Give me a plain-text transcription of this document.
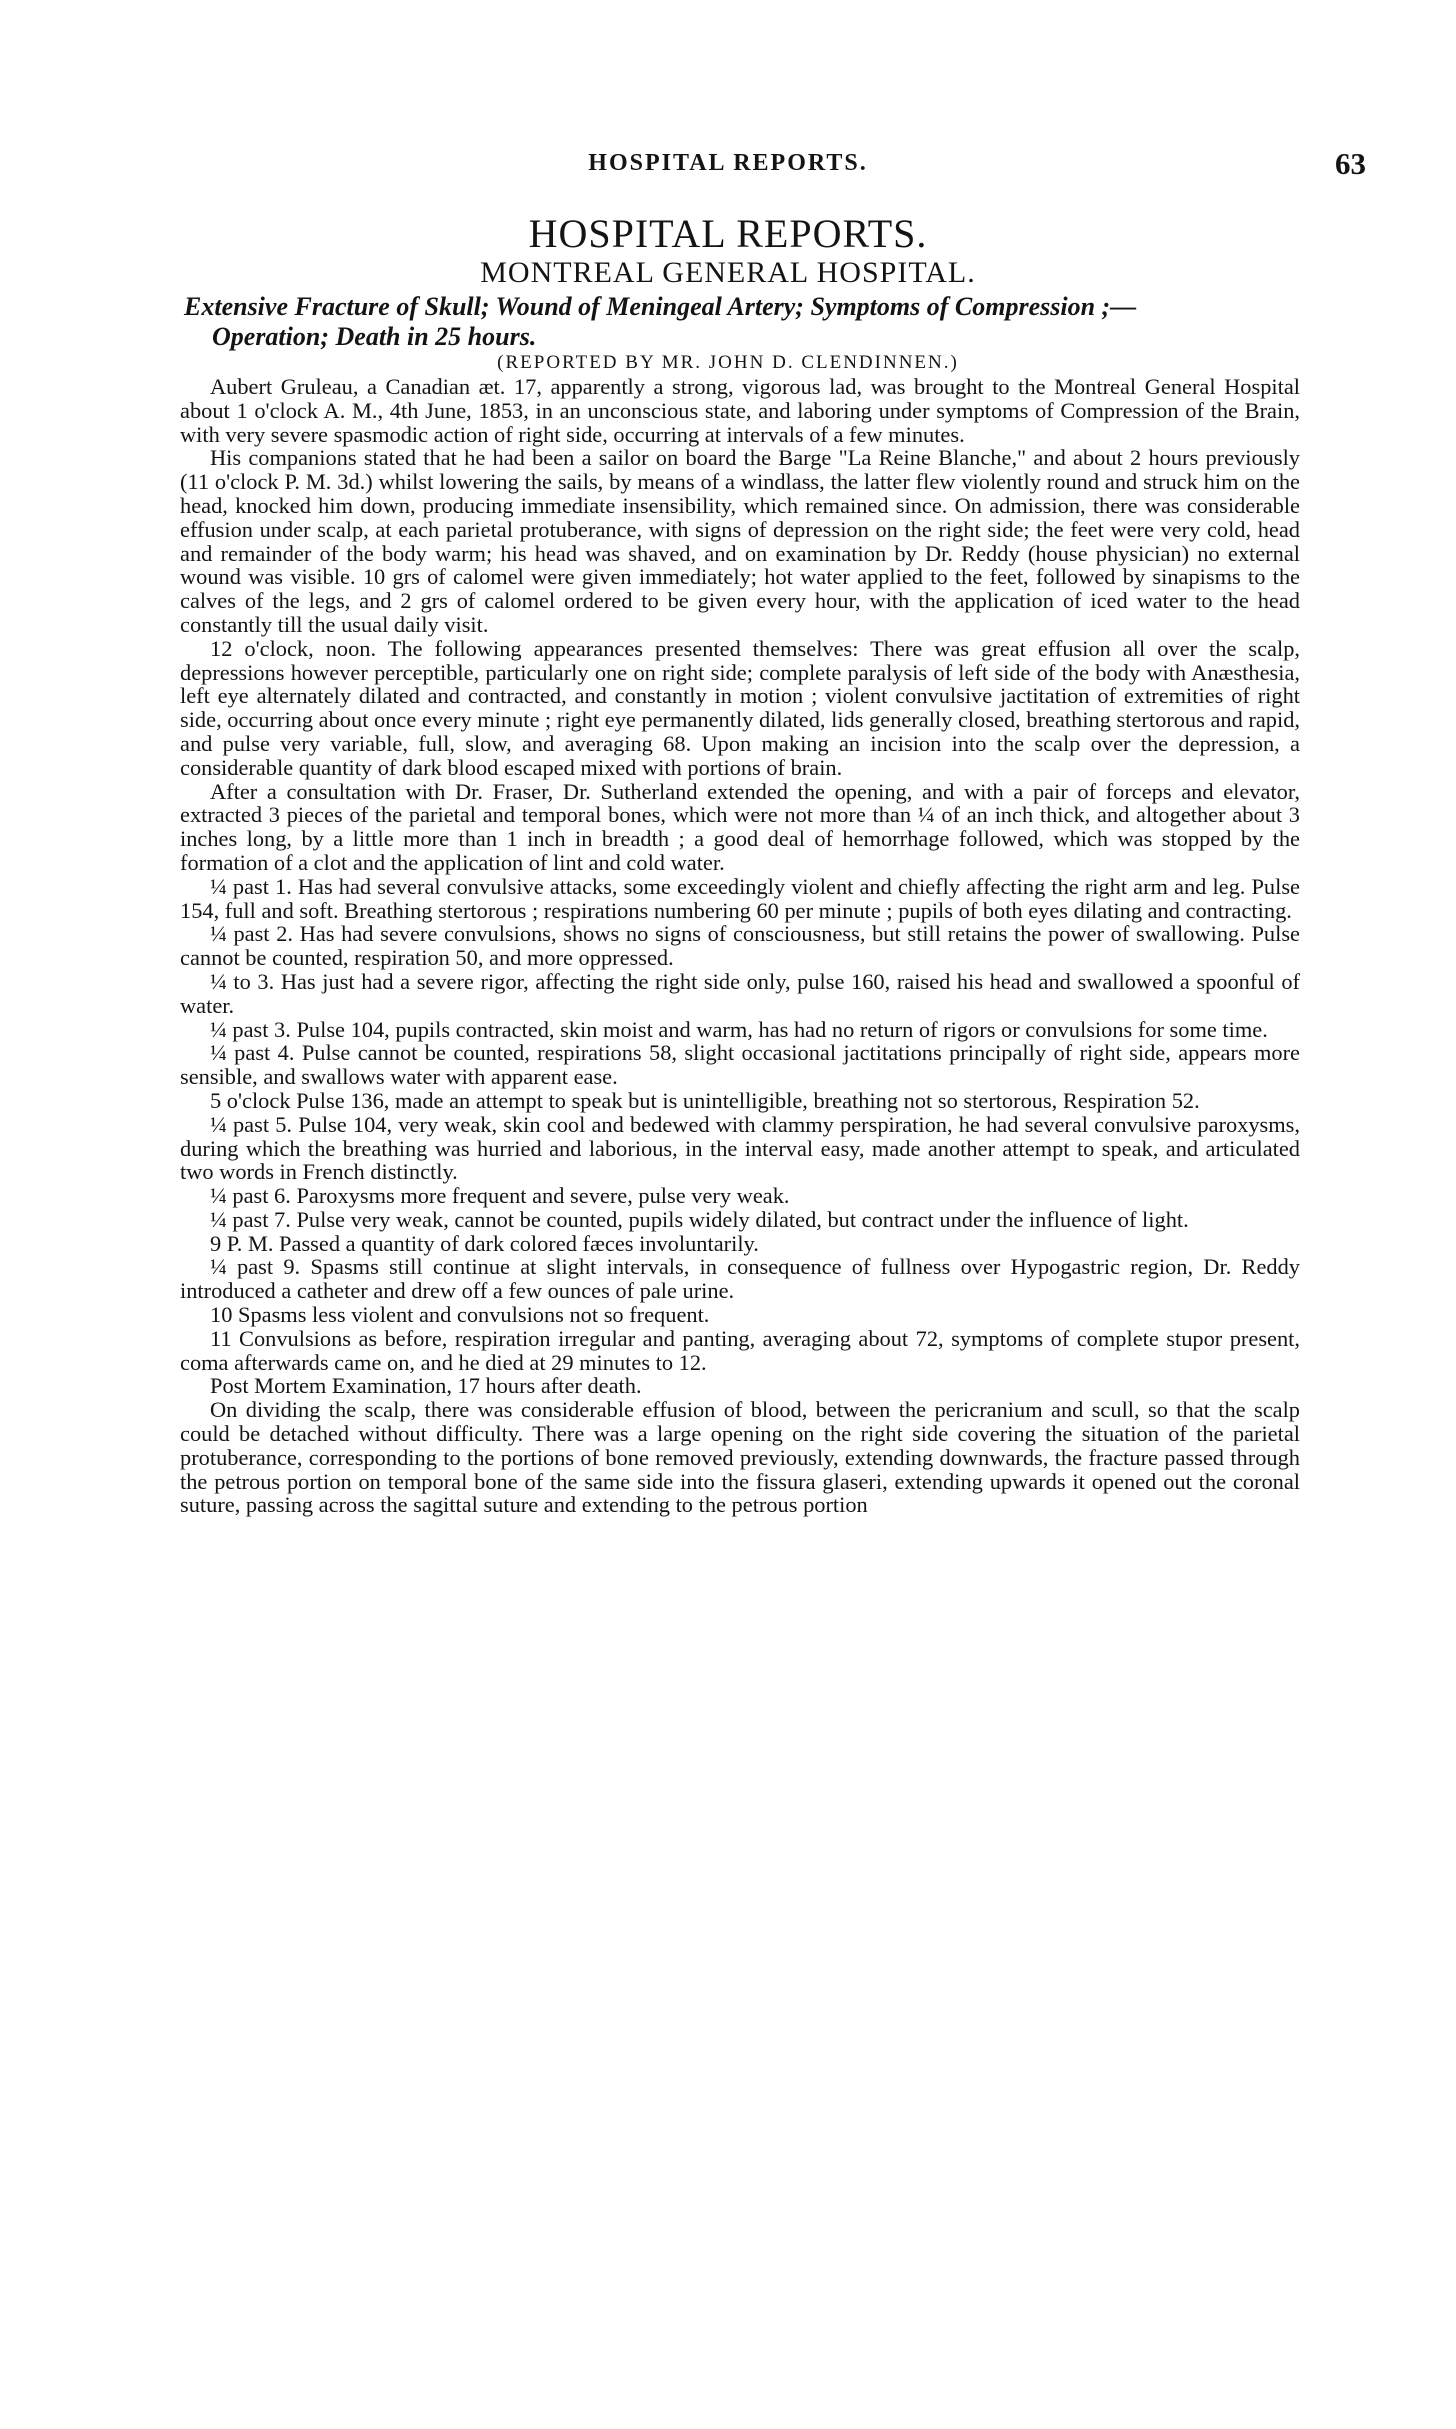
HOSPITAL REPORTS.	63
HOSPITAL REPORTS.
MONTREAL GENERAL HOSPITAL.
Extensive Fracture of Skull; Wound of Meningeal Artery; Symptoms of Compression ;—
Operation; Death in 25 hours.
(REPORTED BY MR. JOHN D. CLENDINNEN.)

Aubert Gruleau, a Canadian æt. 17, apparently a strong, vigorous lad, was brought to the Montreal General Hospital about 1 o'clock A. M., 4th June, 1853, in an unconscious state, and laboring under symptoms of Compression of the Brain, with very severe spasmodic action of right side, occurring at intervals of a few minutes.

His companions stated that he had been a sailor on board the Barge "La Reine Blanche," and about 2 hours previously (11 o'clock P. M. 3d.) whilst lowering the sails, by means of a windlass, the latter flew violently round and struck him on the head, knocked him down, producing immediate insensibility, which remained since. On admission, there was considerable effusion under scalp, at each parietal protuberance, with signs of depression on the right side; the feet were very cold, head and remainder of the body warm; his head was shaved, and on examination by Dr. Reddy (house physician) no external wound was visible. 10 grs of calomel were given immediately; hot water applied to the feet, followed by sinapisms to the calves of the legs, and 2 grs of calomel ordered to be given every hour, with the application of iced water to the head constantly till the usual daily visit.

12 o'clock, noon. The following appearances presented themselves: There was great effusion all over the scalp, depressions however perceptible, particularly one on right side; complete paralysis of left side of the body with Anæsthesia, left eye alternately dilated and contracted, and constantly in motion ; violent convulsive jactitation of extremities of right side, occurring about once every minute ; right eye permanently dilated, lids generally closed, breathing stertorous and rapid, and pulse very variable, full, slow, and averaging 68. Upon making an incision into the scalp over the depression, a considerable quantity of dark blood escaped mixed with portions of brain.

After a consultation with Dr. Fraser, Dr. Sutherland extended the opening, and with a pair of forceps and elevator, extracted 3 pieces of the parietal and temporal bones, which were not more than ¼ of an inch thick, and altogether about 3 inches long, by a little more than 1 inch in breadth ; a good deal of hemorrhage followed, which was stopped by the formation of a clot and the application of lint and cold water.

¼ past 1. Has had several convulsive attacks, some exceedingly violent and chiefly affecting the right arm and leg. Pulse 154, full and soft. Breathing stertorous ; respirations numbering 60 per minute ; pupils of both eyes dilating and contracting.

¼ past 2. Has had severe convulsions, shows no signs of consciousness, but still retains the power of swallowing. Pulse cannot be counted, respiration 50, and more oppressed.

¼ to 3. Has just had a severe rigor, affecting the right side only, pulse 160, raised his head and swallowed a spoonful of water.

¼ past 3. Pulse 104, pupils contracted, skin moist and warm, has had no return of rigors or convulsions for some time.

¼ past 4. Pulse cannot be counted, respirations 58, slight occasional jactitations principally of right side, appears more sensible, and swallows water with apparent ease.

5 o'clock Pulse 136, made an attempt to speak but is unintelligible, breathing not so stertorous, Respiration 52.

¼ past 5. Pulse 104, very weak, skin cool and bedewed with clammy perspiration, he had several convulsive paroxysms, during which the breathing was hurried and laborious, in the interval easy, made another attempt to speak, and articulated two words in French distinctly.

¼ past 6. Paroxysms more frequent and severe, pulse very weak.

¼ past 7. Pulse very weak, cannot be counted, pupils widely dilated, but contract under the influence of light.

9 P. M. Passed a quantity of dark colored fæces involuntarily.

¼ past 9. Spasms still continue at slight intervals, in consequence of fullness over Hypogastric region, Dr. Reddy introduced a catheter and drew off a few ounces of pale urine.

10 Spasms less violent and convulsions not so frequent.

11 Convulsions as before, respiration irregular and panting, averaging about 72, symptoms of complete stupor present, coma afterwards came on, and he died at 29 minutes to 12.

Post Mortem Examination, 17 hours after death.

On dividing the scalp, there was considerable effusion of blood, between the pericranium and scull, so that the scalp could be detached without difficulty. There was a large opening on the right side covering the situation of the parietal protuberance, corresponding to the portions of bone removed previously, extending downwards, the fracture passed through the petrous portion on temporal bone of the same side into the fissura glaseri, extending upwards it opened out the coronal suture, passing across the sagittal suture and extending to the petrous portion
